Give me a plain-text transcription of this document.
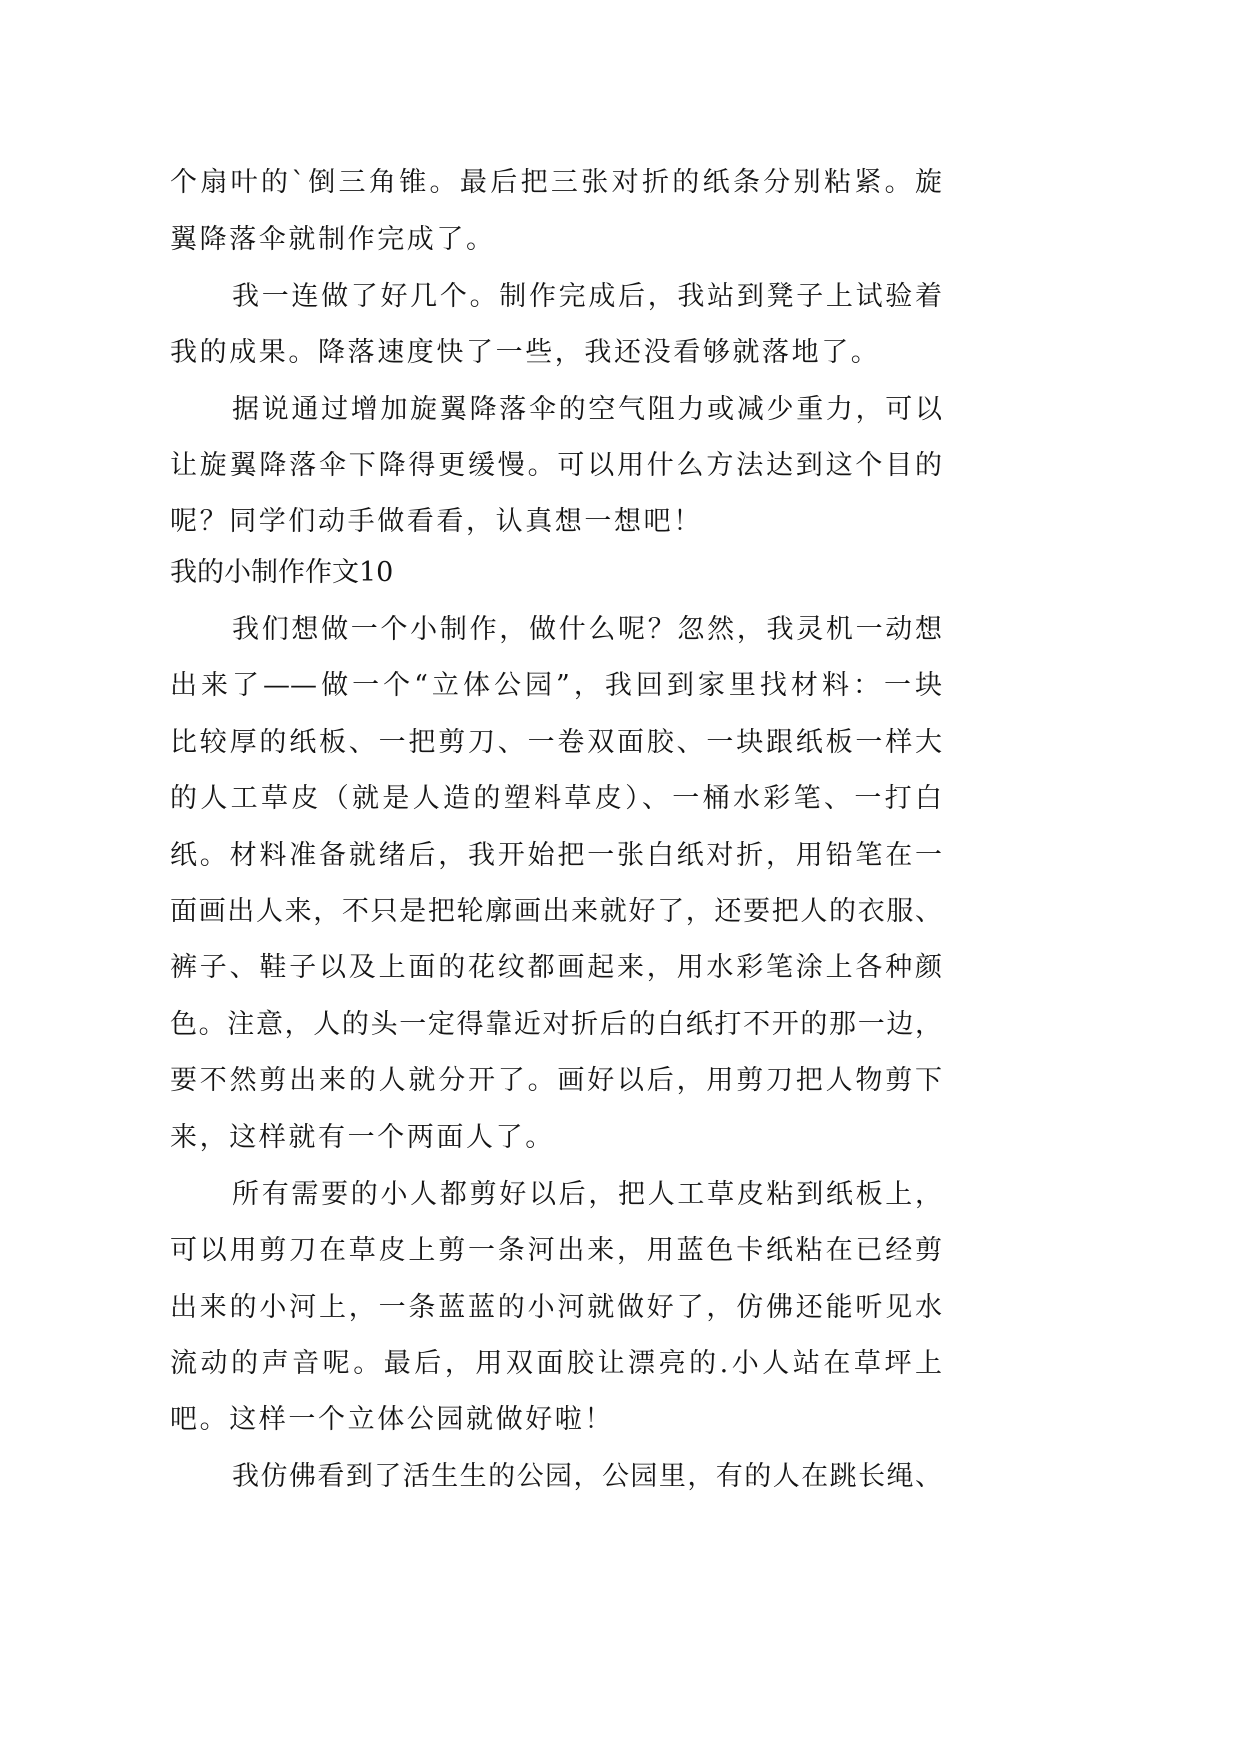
个扇叶的`倒三角锥。最后把三张对折的纸条分别粘紧。旋
翼降落伞就制作完成了。
我一连做了好几个。制作完成后，我站到凳子上试验着
我的成果。降落速度快了一些，我还没看够就落地了。
据说通过增加旋翼降落伞的空气阻力或减少重力，可以
让旋翼降落伞下降得更缓慢。可以用什么方法达到这个目的
呢？同学们动手做看看，认真想一想吧！
我的小制作作文10
我们想做一个小制作，做什么呢？忽然，我灵机一动想
出来了——做一个“立体公园”，我回到家里找材料：一块
比较厚的纸板、一把剪刀、一卷双面胶、一块跟纸板一样大
的人工草皮（就是人造的塑料草皮）、一桶水彩笔、一打白
纸。材料准备就绪后，我开始把一张白纸对折，用铅笔在一
面画出人来，不只是把轮廓画出来就好了，还要把人的衣服、
裤子、鞋子以及上面的花纹都画起来，用水彩笔涂上各种颜
色。注意，人的头一定得靠近对折后的白纸打不开的那一边，
要不然剪出来的人就分开了。画好以后，用剪刀把人物剪下
来，这样就有一个两面人了。
所有需要的小人都剪好以后，把人工草皮粘到纸板上，
可以用剪刀在草皮上剪一条河出来，用蓝色卡纸粘在已经剪
出来的小河上，一条蓝蓝的小河就做好了，仿佛还能听见水
流动的声音呢。最后，用双面胶让漂亮的.小人站在草坪上
吧。这样一个立体公园就做好啦！
我仿佛看到了活生生的公园，公园里，有的人在跳长绳、
